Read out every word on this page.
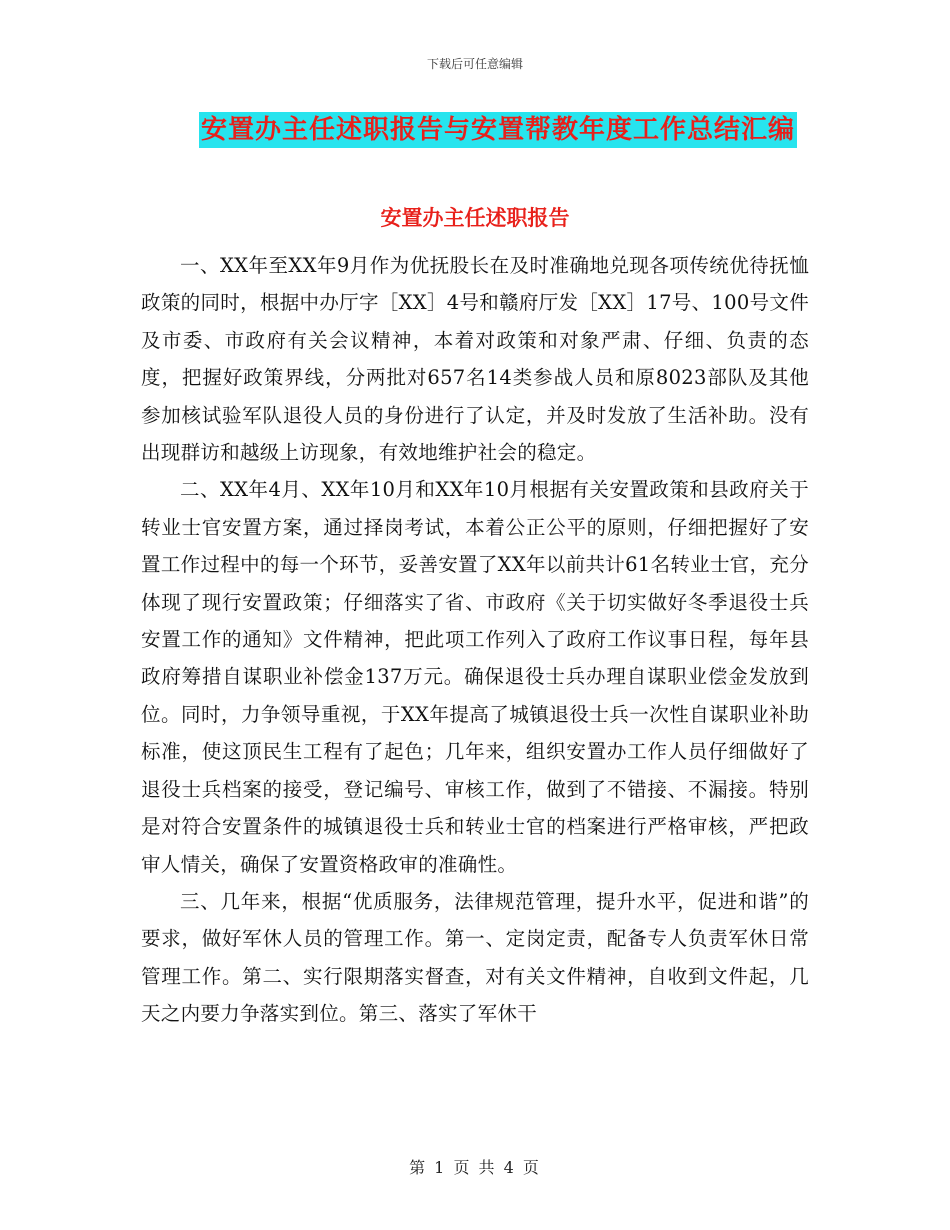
下载后可任意编辑
安置办主任述职报告与安置帮教年度工作总结汇编
安置办主任述职报告

一、XX年至XX年9月作为优抚股长在及时准确地兑现各项传统优待抚恤政策的同时，根据中办厅字［XX］4号和赣府厅发［XX］17号、100号文件及市委、市政府有关会议精神，本着对政策和对象严肃、仔细、负责的态度，把握好政策界线，分两批对657名14类参战人员和原8023部队及其他参加核试验军队退役人员的身份进行了认定，并及时发放了生活补助。没有出现群访和越级上访现象，有效地维护社会的稳定。

二、XX年4月、XX年10月和XX年10月根据有关安置政策和县政府关于转业士官安置方案，通过择岗考试，本着公正公平的原则，仔细把握好了安置工作过程中的每一个环节，妥善安置了XX年以前共计61名转业士官，充分体现了现行安置政策；仔细落实了省、市政府《关于切实做好冬季退役士兵安置工作的通知》文件精神，把此项工作列入了政府工作议事日程，每年县政府筹措自谋职业补偿金137万元。确保退役士兵办理自谋职业偿金发放到位。同时，力争领导重视，于XX年提高了城镇退役士兵一次性自谋职业补助标准，使这顶民生工程有了起色；几年来，组织安置办工作人员仔细做好了退役士兵档案的接受，登记编号、审核工作，做到了不错接、不漏接。特别是对符合安置条件的城镇退役士兵和转业士官的档案进行严格审核，严把政审人情关，确保了安置资格政审的准确性。

三、几年来，根据“优质服务，法律规范管理，提升水平，促进和谐”的要求，做好军休人员的管理工作。第一、定岗定责，配备专人负责军休日常管理工作。第二、实行限期落实督查，对有关文件精神，自收到文件起，几天之内要力争落实到位。第三、落实了军休干

第 1 页 共 4 页
